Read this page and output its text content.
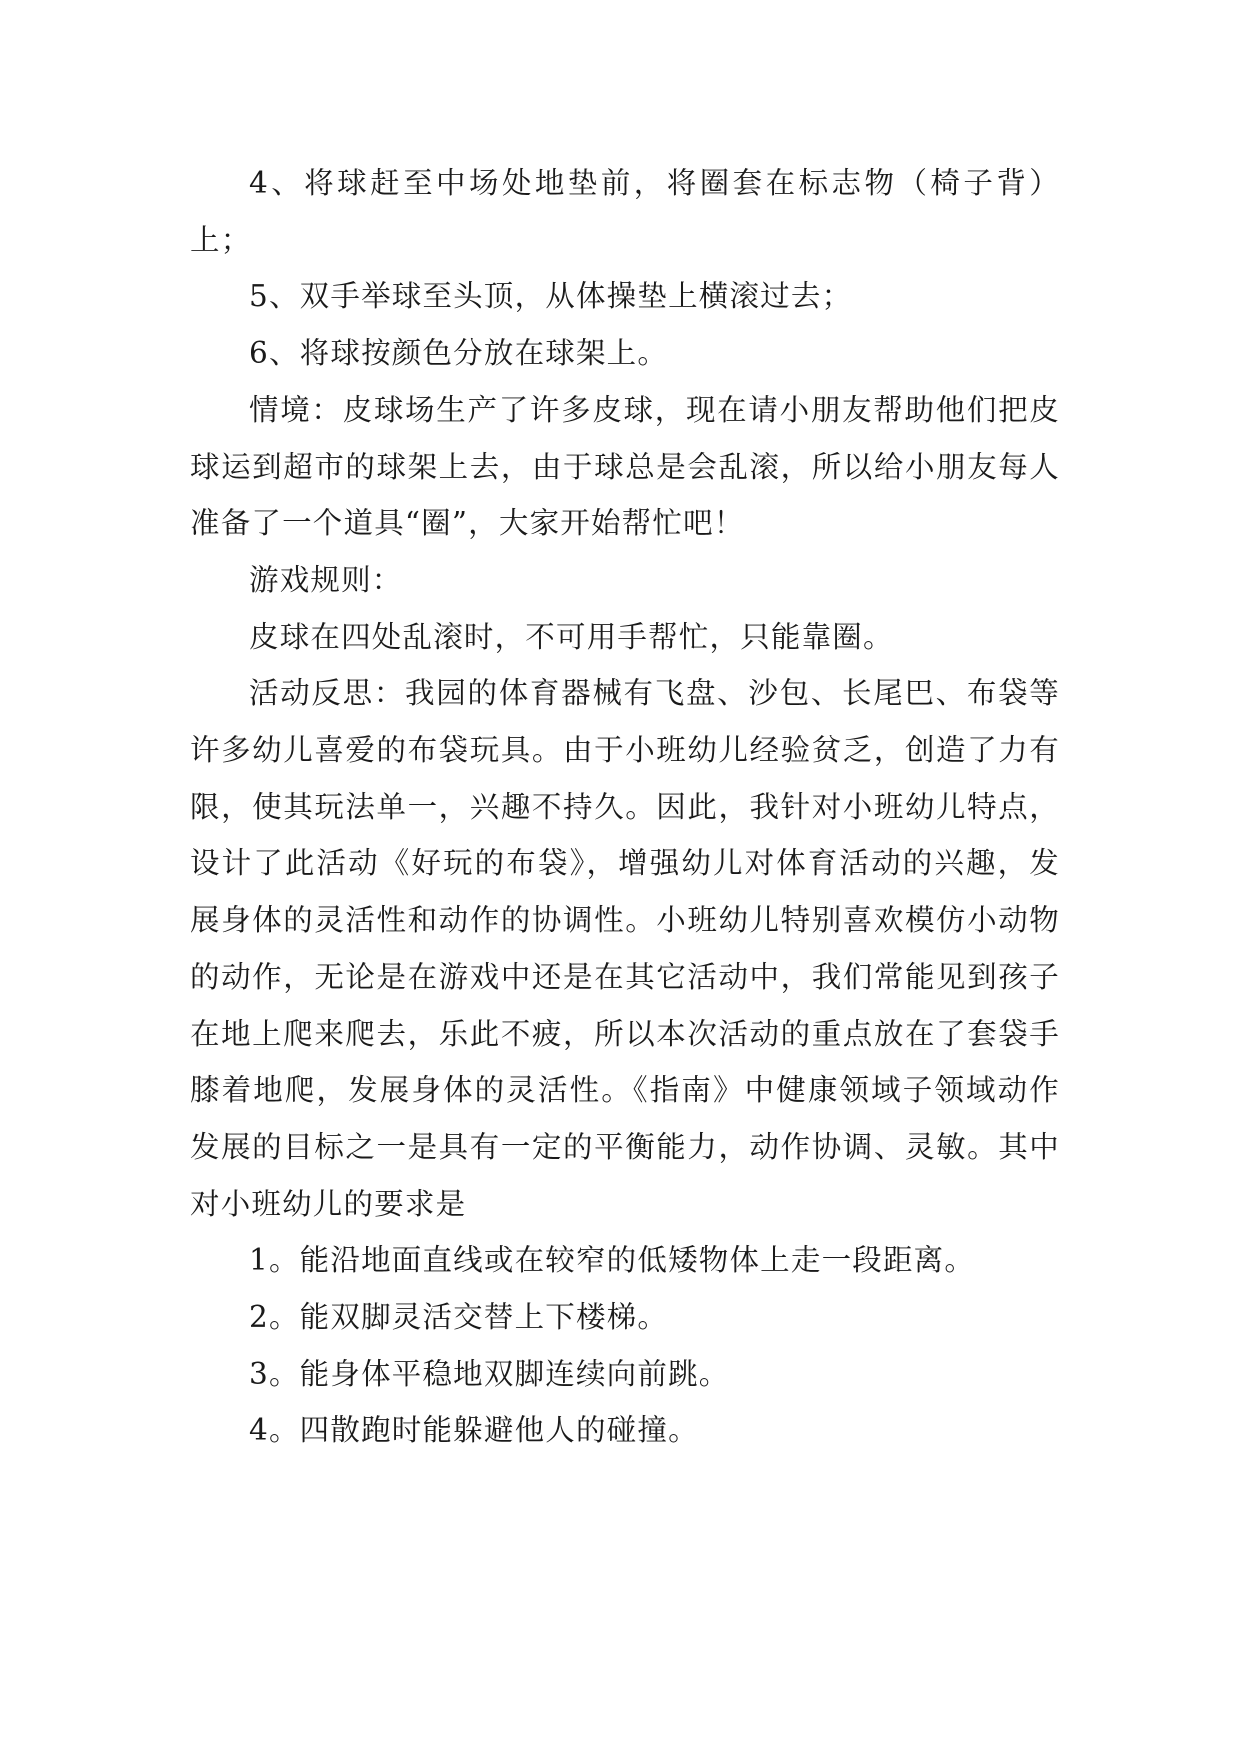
4、将球赶至中场处地垫前，将圈套在标志物（椅子背）上；

5、双手举球至头顶，从体操垫上横滚过去；

6、将球按颜色分放在球架上。

情境：皮球场生产了许多皮球，现在请小朋友帮助他们把皮球运到超市的球架上去，由于球总是会乱滚，所以给小朋友每人准备了一个道具“圈”，大家开始帮忙吧！

游戏规则：

皮球在四处乱滚时，不可用手帮忙，只能靠圈。

活动反思：我园的体育器械有飞盘、沙包、长尾巴、布袋等许多幼儿喜爱的布袋玩具。由于小班幼儿经验贫乏，创造了力有限，使其玩法单一，兴趣不持久。因此，我针对小班幼儿特点，设计了此活动《好玩的布袋》，增强幼儿对体育活动的兴趣，发展身体的灵活性和动作的协调性。小班幼儿特别喜欢模仿小动物的动作，无论是在游戏中还是在其它活动中，我们常能见到孩子在地上爬来爬去，乐此不疲，所以本次活动的重点放在了套袋手膝着地爬，发展身体的灵活性。《指南》中健康领域子领域动作发展的目标之一是具有一定的平衡能力，动作协调、灵敏。其中对小班幼儿的要求是

1。能沿地面直线或在较窄的低矮物体上走一段距离。

2。能双脚灵活交替上下楼梯。

3。能身体平稳地双脚连续向前跳。

4。四散跑时能躲避他人的碰撞。
